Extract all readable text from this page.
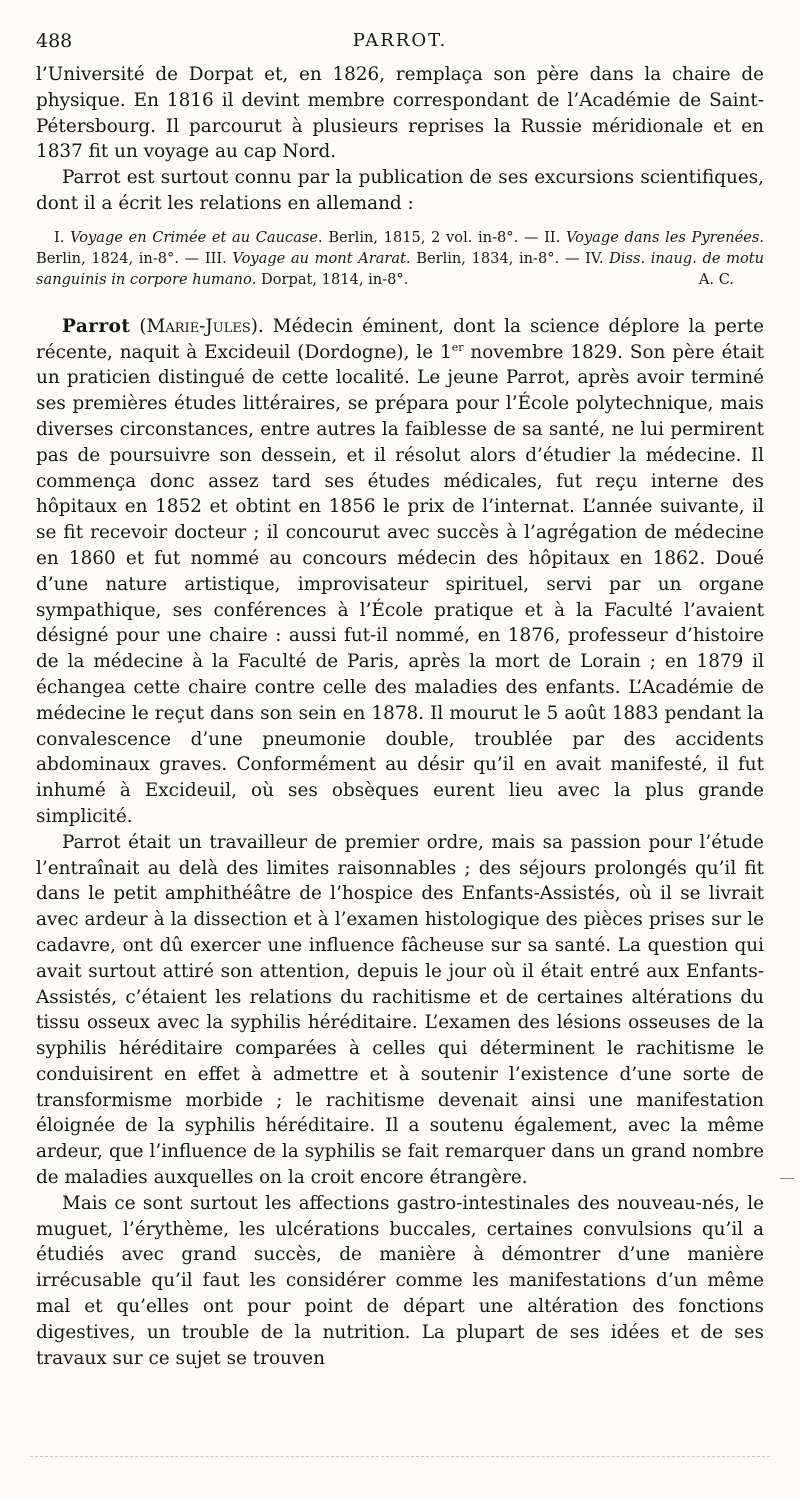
488	PARROT.

l’Université de Dorpat et, en 1826, remplaça son père dans la chaire de physique. En 1816 il devint membre correspondant de l’Académie de Saint-Pétersbourg. Il parcourut à plusieurs reprises la Russie méridionale et en 1837 fit un voyage au cap Nord.

Parrot est surtout connu par la publication de ses excursions scientifiques, dont il a écrit les relations en allemand :

I. Voyage en Crimée et au Caucase. Berlin, 1815, 2 vol. in-8°. — II. Voyage dans les Pyrenées. Berlin, 1824, in-8°. — III. Voyage au mont Ararat. Berlin, 1834, in-8°. — IV. Diss. inaug. de motu sanguinis in corpore humano. Dorpat, 1814, in-8°.	A. C.

Parrot (Marie-Jules). Médecin éminent, dont la science déplore la perte récente, naquit à Excideuil (Dordogne), le 1er novembre 1829. Son père était un praticien distingué de cette localité. Le jeune Parrot, après avoir terminé ses premières études littéraires, se prépara pour l’École polytechnique, mais diverses circonstances, entre autres la faiblesse de sa santé, ne lui permirent pas de poursuivre son dessein, et il résolut alors d’étudier la médecine. Il commença donc assez tard ses études médicales, fut reçu interne des hôpitaux en 1852 et obtint en 1856 le prix de l’internat. L’année suivante, il se fit recevoir docteur ; il concourut avec succès à l’agrégation de médecine en 1860 et fut nommé au concours médecin des hôpitaux en 1862. Doué d’une nature artistique, improvisateur spirituel, servi par un organe sympathique, ses conférences à l’École pratique et à la Faculté l’avaient désigné pour une chaire : aussi fut-il nommé, en 1876, professeur d’histoire de la médecine à la Faculté de Paris, après la mort de Lorain ; en 1879 il échangea cette chaire contre celle des maladies des enfants. L’Académie de médecine le reçut dans son sein en 1878. Il mourut le 5 août 1883 pendant la convalescence d’une pneumonie double, troublée par des accidents abdominaux graves. Conformément au désir qu’il en avait manifesté, il fut inhumé à Excideuil, où ses obsèques eurent lieu avec la plus grande simplicité.

Parrot était un travailleur de premier ordre, mais sa passion pour l’étude l’entraînait au delà des limites raisonnables ; des séjours prolongés qu’il fit dans le petit amphithéâtre de l’hospice des Enfants-Assistés, où il se livrait avec ardeur à la dissection et à l’examen histologique des pièces prises sur le cadavre, ont dû exercer une influence fâcheuse sur sa santé. La question qui avait surtout attiré son attention, depuis le jour où il était entré aux Enfants-Assistés, c’étaient les relations du rachitisme et de certaines altérations du tissu osseux avec la syphilis héréditaire. L’examen des lésions osseuses de la syphilis héréditaire comparées à celles qui déterminent le rachitisme le conduisirent en effet à admettre et à soutenir l’existence d’une sorte de transformisme morbide ; le rachitisme devenait ainsi une manifestation éloignée de la syphilis héréditaire. Il a soutenu également, avec la même ardeur, que l’influence de la syphilis se fait remarquer dans un grand nombre de maladies auxquelles on la croit encore étrangère.

Mais ce sont surtout les affections gastro-intestinales des nouveau-nés, le muguet, l’érythème, les ulcérations buccales, certaines convulsions qu’il a étudiés avec grand succès, de manière à démontrer d’une manière irrécusable qu’il faut les considérer comme les manifestations d’un même mal et qu’elles ont pour point de départ une altération des fonctions digestives, un trouble de la nutrition. La plupart de ses idées et de ses travaux sur ce sujet se trouven
